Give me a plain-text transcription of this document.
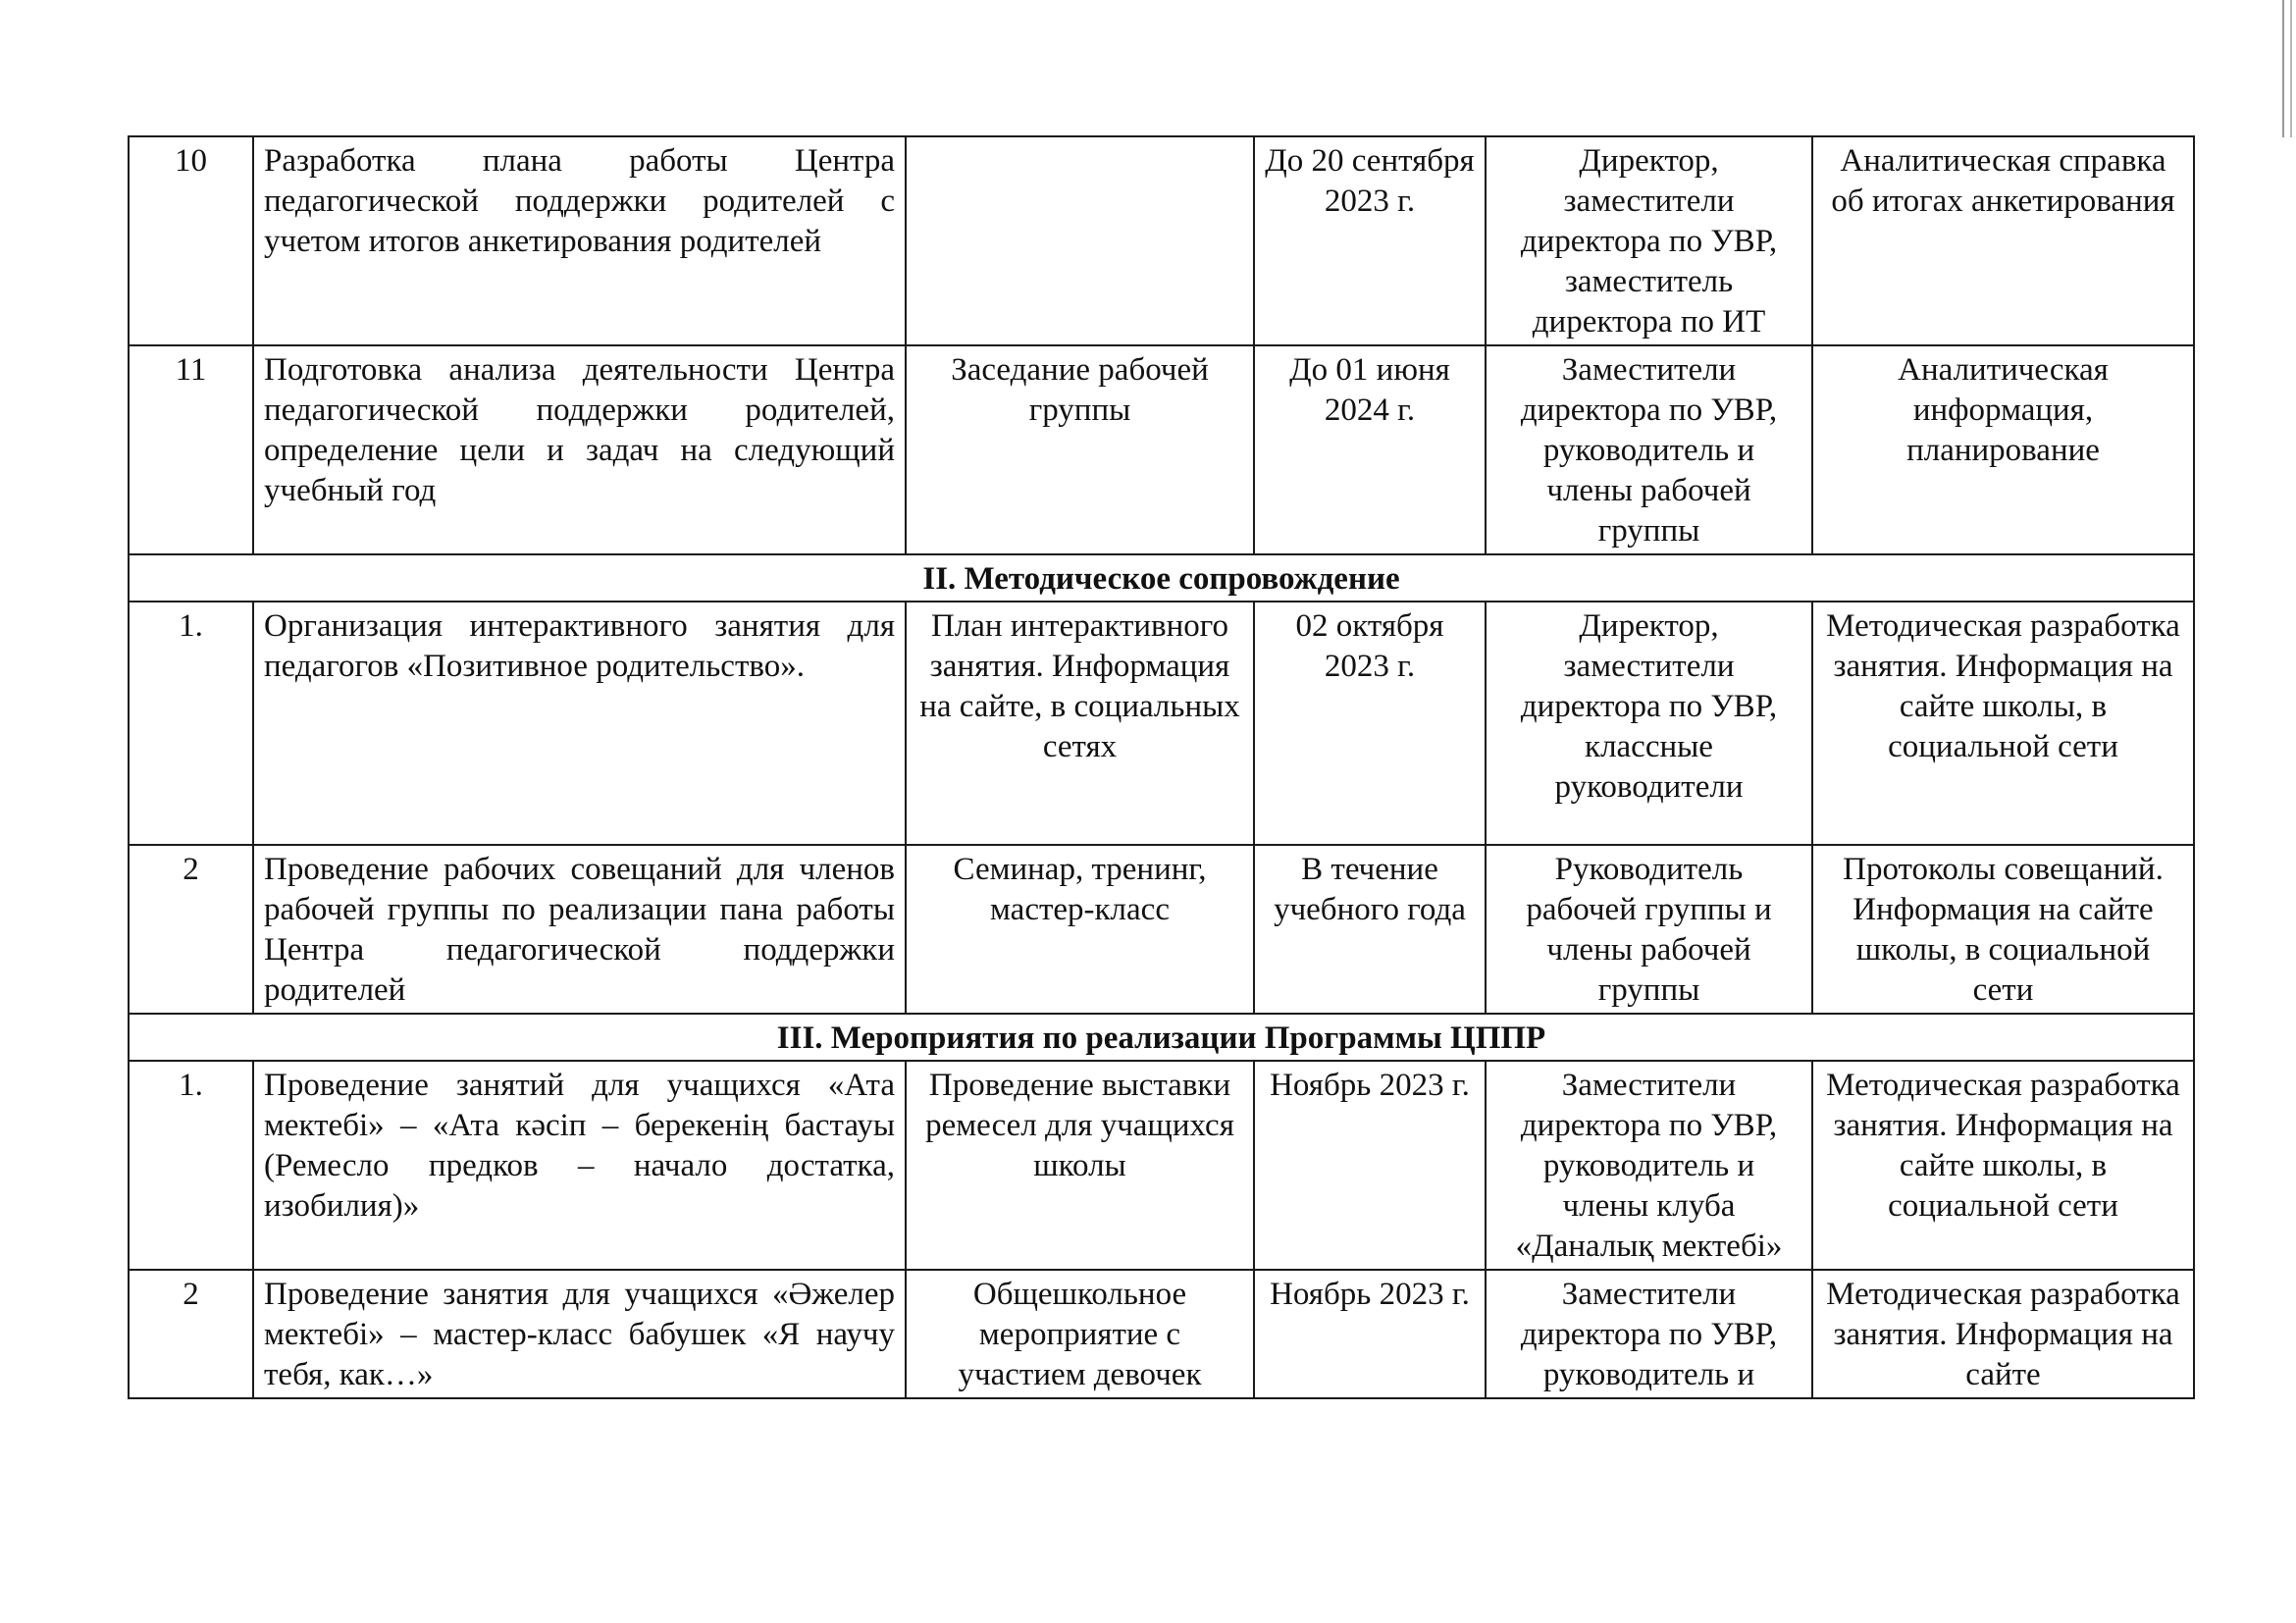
10	Разработка плана работы Центра педагогической поддержки родителей с учетом итогов анкетирования родителей		До 20 сентября 2023 г.	Директор, заместители директора по УВР, заместитель директора по ИТ	Аналитическая справка об итогах анкетирования
11	Подготовка анализа деятельности Центра педагогической поддержки родителей, определение цели и задач на следующий учебный год	Заседание рабочей группы	До 01 июня 2024 г.	Заместители директора по УВР, руководитель и члены рабочей группы	Аналитическая информация, планирование
II. Методическое сопровождение					
1.	Организация интерактивного занятия для педагогов «Позитивное родительство».	План интерактивного занятия. Информация на сайте, в социальных сетях	02 октября 2023 г.	Директор, заместители директора по УВР, классные руководители	Методическая разработка занятия. Информация на сайте школы, в социальной сети
2	Проведение рабочих совещаний для членов рабочей группы по реализации пана работы Центра педагогической поддержки родителей	Семинар, тренинг, мастер-класс	В течение учебного года	Руководитель рабочей группы и члены рабочей группы	Протоколы совещаний. Информация на сайте школы, в социальной сети
III. Мероприятия по реализации Программы ЦППР					
1.	Проведение занятий для учащихся «Ата мектебі» – «Ата кәсіп – берекенің бастауы (Ремесло предков – начало достатка, изобилия)»	Проведение выставки ремесел для учащихся школы	Ноябрь 2023 г.	Заместители директора по УВР, руководитель и члены клуба «Даналық мектебі»	Методическая разработка занятия. Информация на сайте школы, в социальной сети
2	Проведение занятия для учащихся «Әжелер мектебі» – мастер-класс бабушек «Я научу тебя, как…»	Общешкольное мероприятие с участием девочек	Ноябрь 2023 г.	Заместители директора по УВР, руководитель и	Методическая разработка занятия. Информация на сайте
